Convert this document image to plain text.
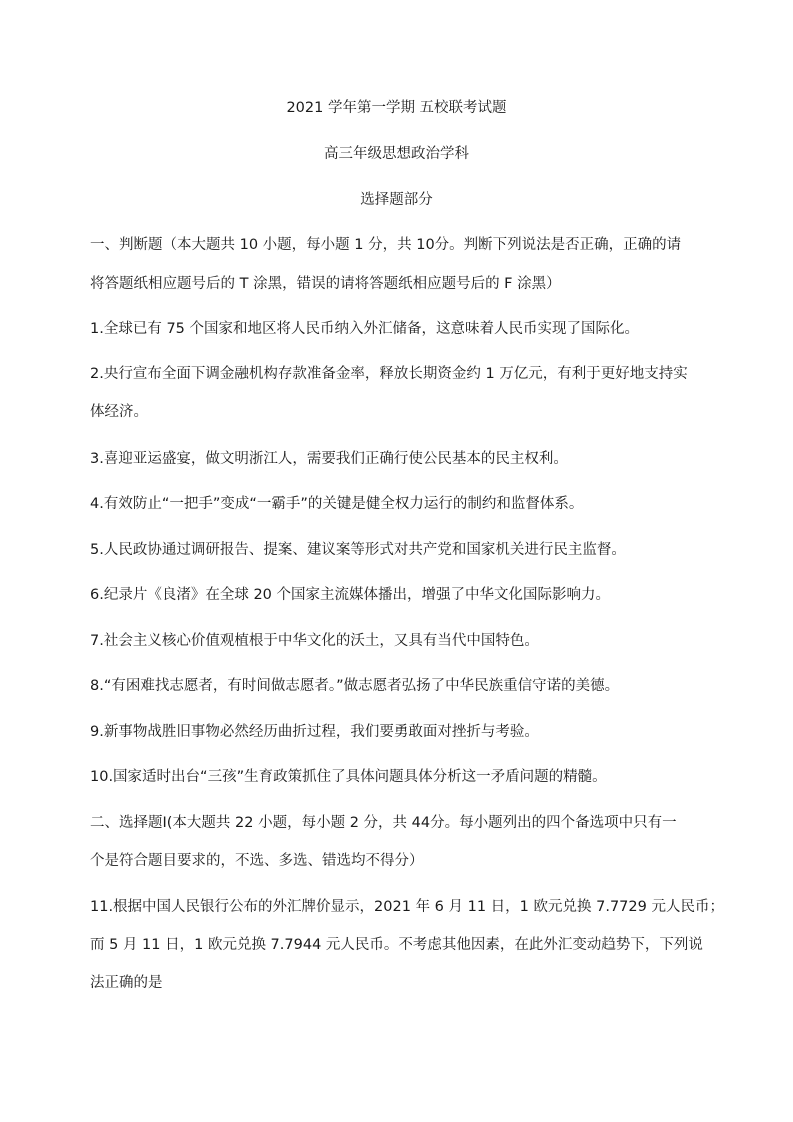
2021 学年第一学期 五校联考试题
高三年级思想政治学科
选择题部分
一、判断题（本大题共 10 小题，每小题 1 分，共 10分。判断下列说法是否正确，正确的请
将答题纸相应题号后的 T 涂黑，错误的请将答题纸相应题号后的 F 涂黑）
1.全球已有 75 个国家和地区将人民币纳入外汇储备，这意味着人民币实现了国际化。
2.央行宣布全面下调金融机构存款准备金率，释放长期资金约 1 万亿元，有利于更好地支持实
体经济。
3.喜迎亚运盛宴，做文明浙江人，需要我们正确行使公民基本的民主权利。
4.有效防止“一把手”变成“一霸手”的关键是健全权力运行的制约和监督体系。
5.人民政协通过调研报告、提案、建议案等形式对共产党和国家机关进行民主监督。
6.纪录片《良渚》在全球 20 个国家主流媒体播出，增强了中华文化国际影响力。
7.社会主义核心价值观植根于中华文化的沃土，又具有当代中国特色。
8.“有困难找志愿者，有时间做志愿者。”做志愿者弘扬了中华民族重信守诺的美德。
9.新事物战胜旧事物必然经历曲折过程，我们要勇敢面对挫折与考验。
10.国家适时出台“三孩”生育政策抓住了具体问题具体分析这一矛盾问题的精髓。
二、选择题Ⅰ(本大题共 22 小题，每小题 2 分，共 44分。每小题列出的四个备选项中只有一
个是符合题目要求的，不选、多选、错选均不得分）
11.根据中国人民银行公布的外汇牌价显示，2021 年 6 月 11 日，1 欧元兑换 7.7729 元人民币；
而 5 月 11 日，1 欧元兑换 7.7944 元人民币。不考虑其他因素，在此外汇变动趋势下，下列说
法正确的是
